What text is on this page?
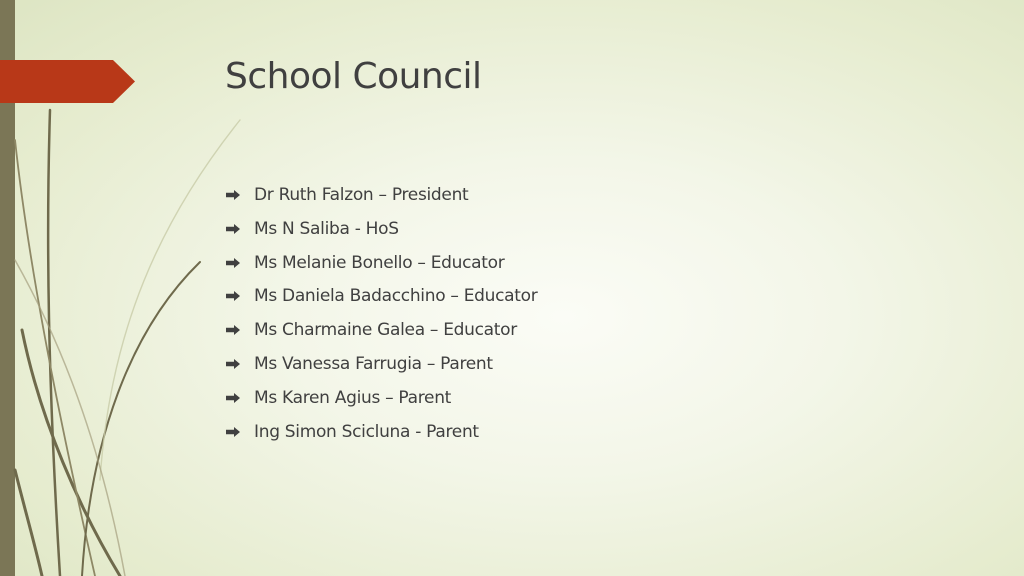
School Council
Dr Ruth Falzon – President
Ms N Saliba - HoS
Ms Melanie Bonello – Educator
Ms Daniela Badacchino – Educator
Ms Charmaine Galea – Educator
Ms Vanessa Farrugia – Parent
Ms Karen Agius – Parent
Ing Simon Scicluna - Parent
